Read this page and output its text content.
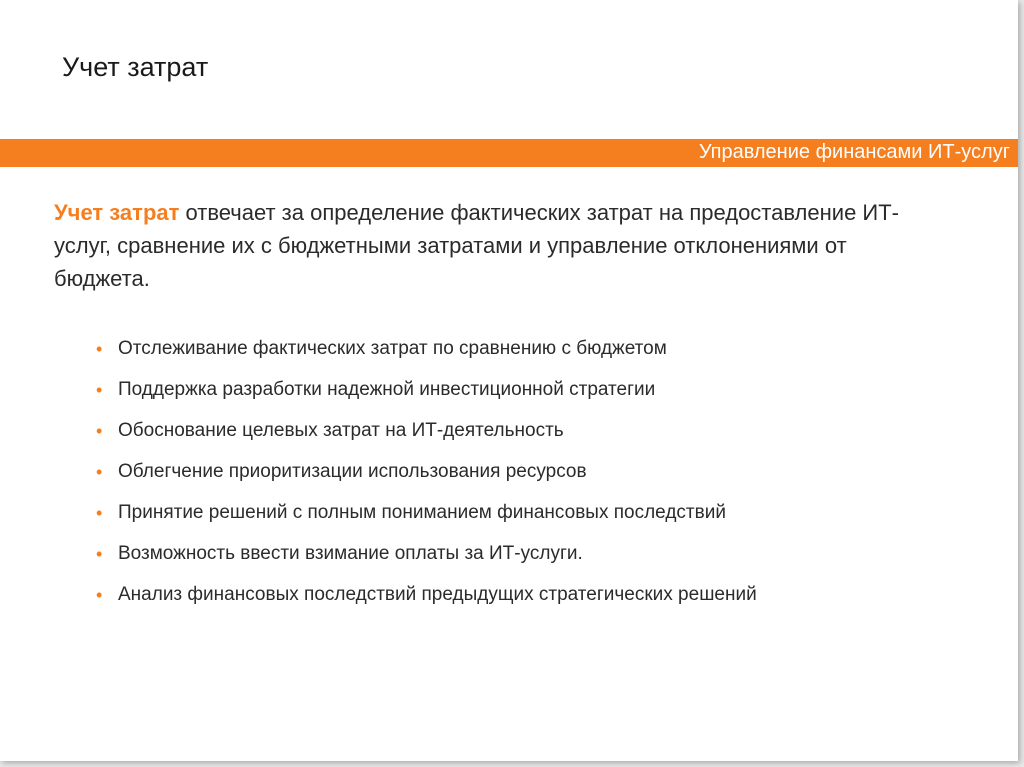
Учет затрат
Управление финансами ИТ-услуг

Учет затрат отвечает за определение фактических затрат на предоставление ИТ-услуг, сравнение их с бюджетными затратами и управление отклонениями от бюджета.

• Отслеживание фактических затрат по сравнению с бюджетом
• Поддержка разработки надежной инвестиционной стратегии
• Обоснование целевых затрат на ИТ-деятельность
• Облегчение приоритизации использования ресурсов
• Принятие решений с полным пониманием финансовых последствий
• Возможность ввести взимание оплаты за ИТ-услуги.
• Анализ финансовых последствий предыдущих стратегических решений
